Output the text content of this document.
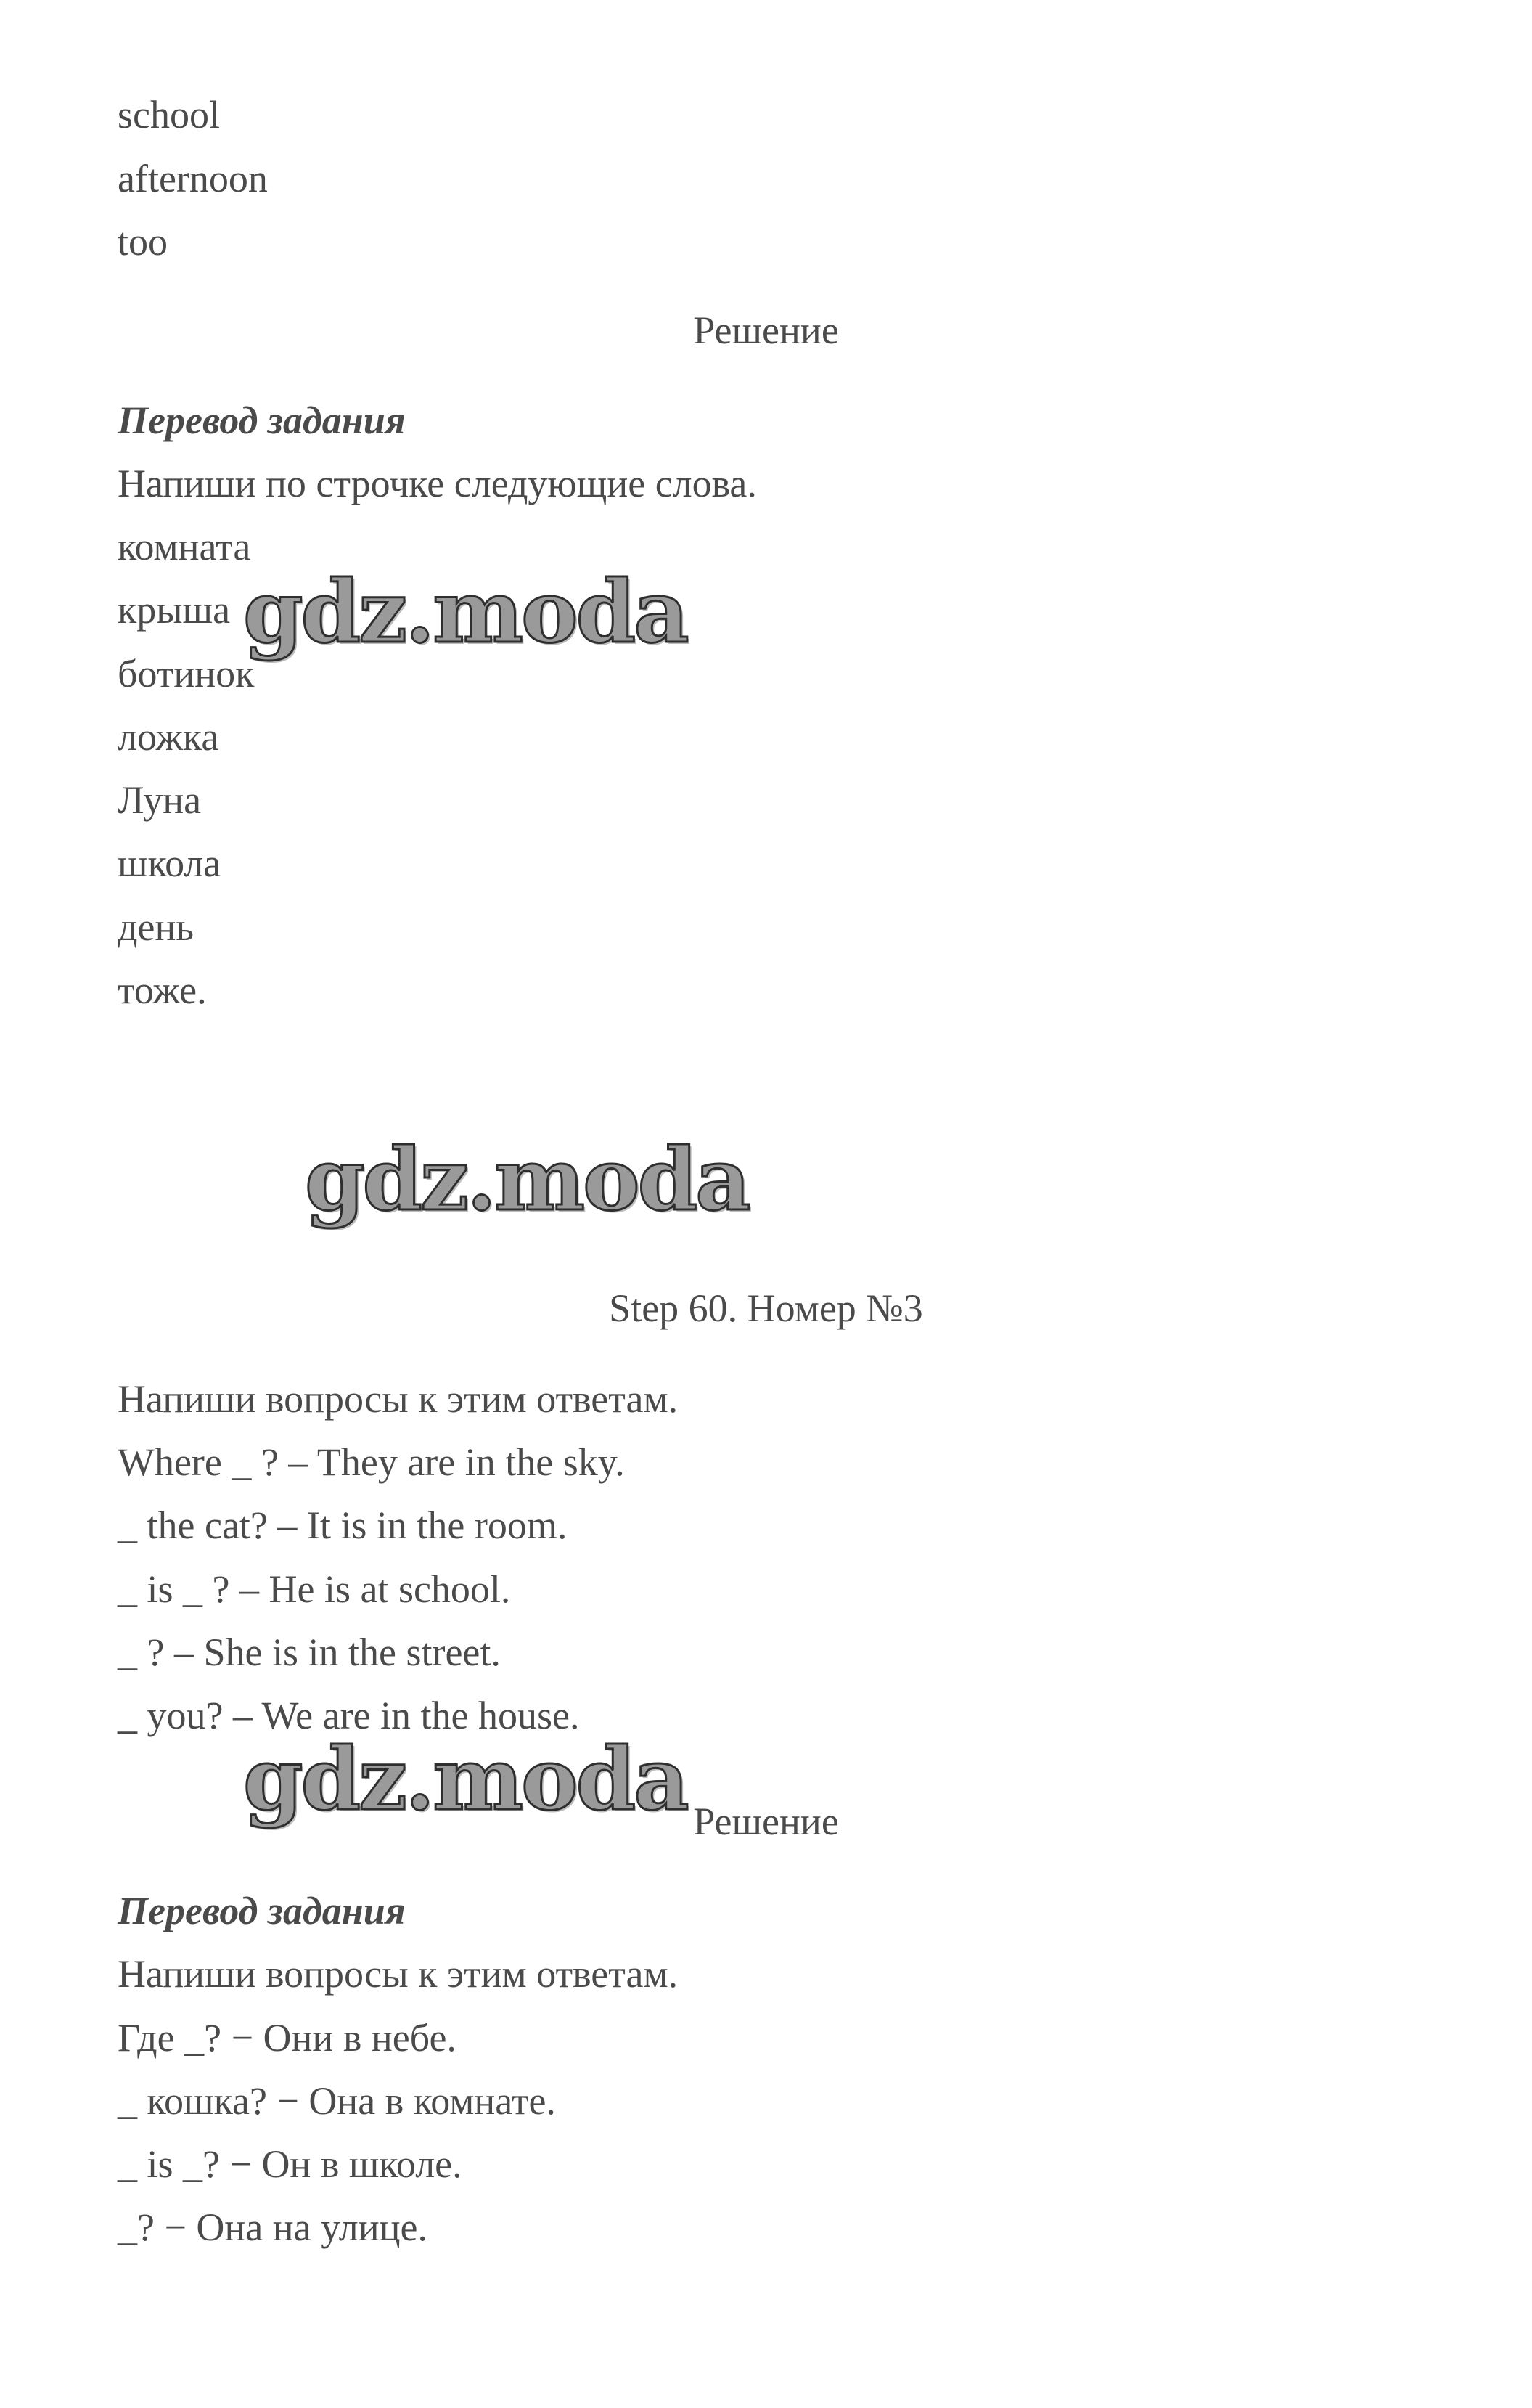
school
afternoon
too
Решение
Перевод задания
Напиши по строчке следующие слова.
комната
крыша
ботинок
ложка
Луна
школа
день
тоже.
gdz.moda
gdz.moda
Step 60. Номер №3
Напиши вопросы к этим ответам.
Where _ ? – They are in the sky.
_ the cat? – It is in the room.
_ is _ ? – He is at school.
_ ? – She is in the street.
_ you? – We are in the house.
gdz.moda Решение
Перевод задания
Напиши вопросы к этим ответам.
Где _? − Они в небе.
_ кошка? − Она в комнате.
_ is _? − Он в школе.
_? − Она на улице.
